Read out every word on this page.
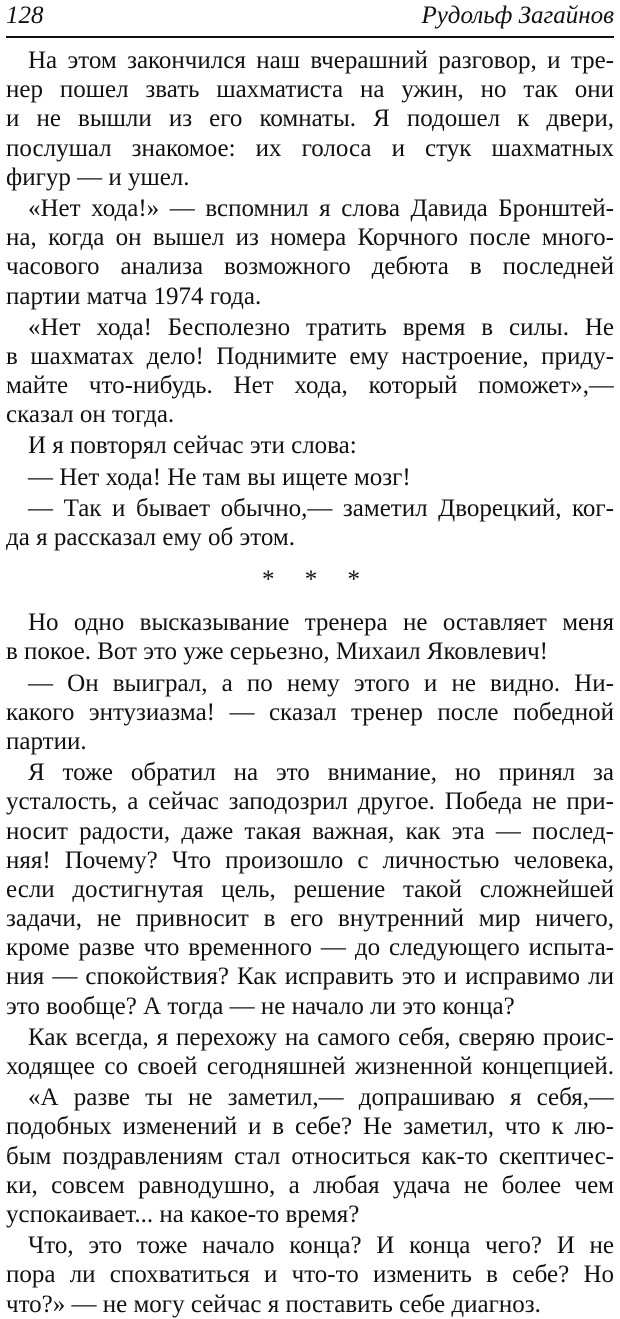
128	Рудольф Загайнов
На этом закончился наш вчерашний разговор, и тре-
нер пошел звать шахматиста на ужин, но так они
и не вышли из его комнаты. Я подошел к двери,
послушал знакомое: их голоса и стук шахматных
фигур — и ушел.
«Нет хода!» — вспомнил я слова Давида Бронштей-
на, когда он вышел из номера Корчного после много-
часового анализа возможного дебюта в последней
партии матча 1974 года.
«Нет хода! Бесполезно тратить время в силы. Не
в шахматах дело! Поднимите ему настроение, приду-
майте что-нибудь. Нет хода, который поможет»,—
сказал он тогда.
И я повторял сейчас эти слова:
— Нет хода! Не там вы ищете мозг!
— Так и бывает обычно,— заметил Дворецкий, ког-
да я рассказал ему об этом.
* * *
Но одно высказывание тренера не оставляет меня
в покое. Вот это уже серьезно, Михаил Яковлевич!
— Он выиграл, а по нему этого и не видно. Ни-
какого энтузиазма! — сказал тренер после победной
партии.
Я тоже обратил на это внимание, но принял за
усталость, а сейчас заподозрил другое. Победа не при-
носит радости, даже такая важная, как эта — послед-
няя! Почему? Что произошло с личностью человека,
если достигнутая цель, решение такой сложнейшей
задачи, не привносит в его внутренний мир ничего,
кроме разве что временного — до следующего испыта-
ния — спокойствия? Как исправить это и исправимо ли
это вообще? А тогда — не начало ли это конца?
Как всегда, я перехожу на самого себя, сверяю проис-
ходящее со своей сегодняшней жизненной концепцией.
«А разве ты не заметил,— допрашиваю я себя,—
подобных изменений и в себе? Не заметил, что к лю-
бым поздравлениям стал относиться как-то скептичес-
ки, совсем равнодушно, а любая удача не более чем
успокаивает... на какое-то время?
Что, это тоже начало конца? И конца чего? И не
пора ли спохватиться и что-то изменить в себе? Но
что?» — не могу сейчас я поставить себе диагноз.
